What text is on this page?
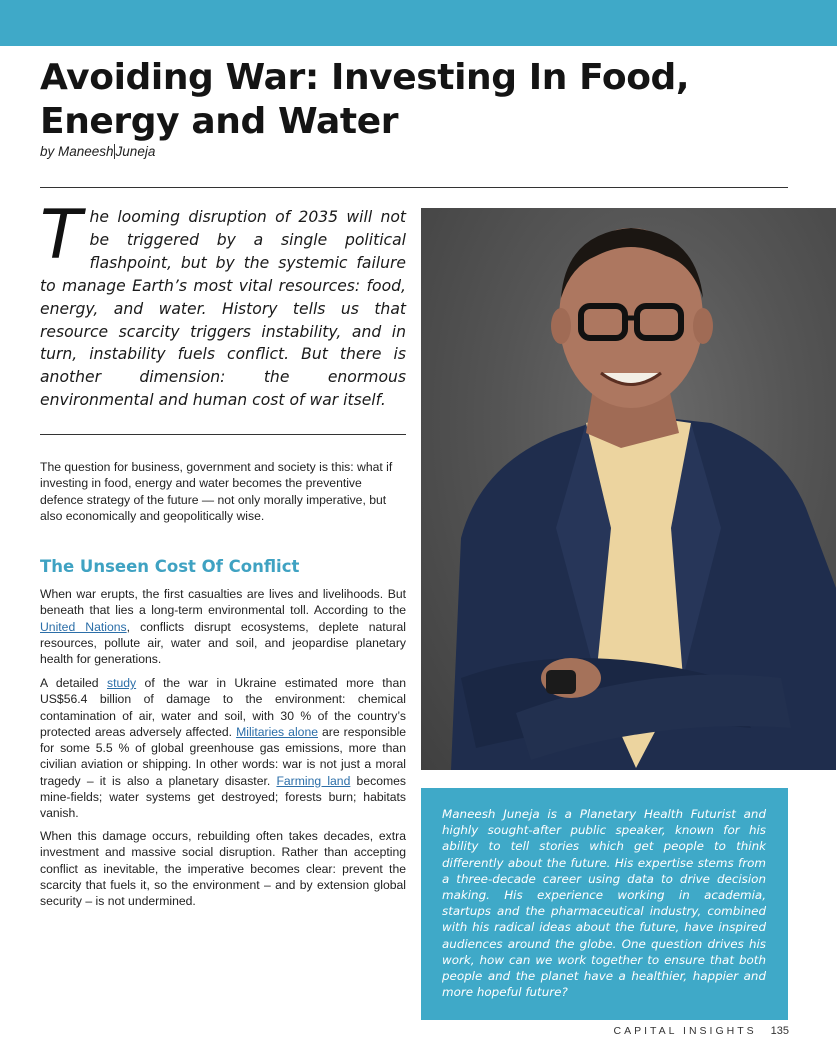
Avoiding War: Investing In Food, Energy and Water

by Maneesh Juneja

The looming disruption of 2035 will not be triggered by a single political flashpoint, but by the systemic failure to manage Earth’s most vital resources: food, energy, and water. History tells us that resource scarcity triggers instability, and in turn, instability fuels conflict. But there is another dimension: the enormous environmental and human cost of war itself.

The question for business, government and society is this: what if investing in food, energy and water becomes the preventive defence strategy of the future — not only morally imperative, but also economically and geopolitically wise.

The Unseen Cost Of Conflict

When war erupts, the first casualties are lives and livelihoods. But beneath that lies a long-term environmental toll. According to the United Nations, conflicts disrupt ecosystems, deplete natural resources, pollute air, water and soil, and jeopardise planetary health for generations.

A detailed study of the war in Ukraine estimated more than US$56.4 billion of damage to the environment: chemical contamination of air, water and soil, with 30 % of the country’s protected areas adversely affected. Militaries alone are responsible for some 5.5 % of global greenhouse gas emissions, more than civilian aviation or shipping. In other words: war is not just a moral tragedy – it is also a planetary disaster. Farming land becomes mine-fields; water systems get destroyed; forests burn; habitats vanish.

When this damage occurs, rebuilding often takes decades, extra investment and massive social disruption. Rather than accepting conflict as inevitable, the imperative becomes clear: prevent the scarcity that fuels it, so the environment – and by extension global security – is not undermined.

Maneesh Juneja is a Planetary Health Futurist and highly sought-after public speaker, known for his ability to tell stories which get people to think differently about the future. His expertise stems from a three-decade career using data to drive decision making. His experience working in academia, startups and the pharmaceutical industry, combined with his radical ideas about the future, have inspired audiences around the globe. One question drives his work, how can we work together to ensure that both people and the planet have a healthier, happier and more hopeful future?

CAPITAL INSIGHTS 135
